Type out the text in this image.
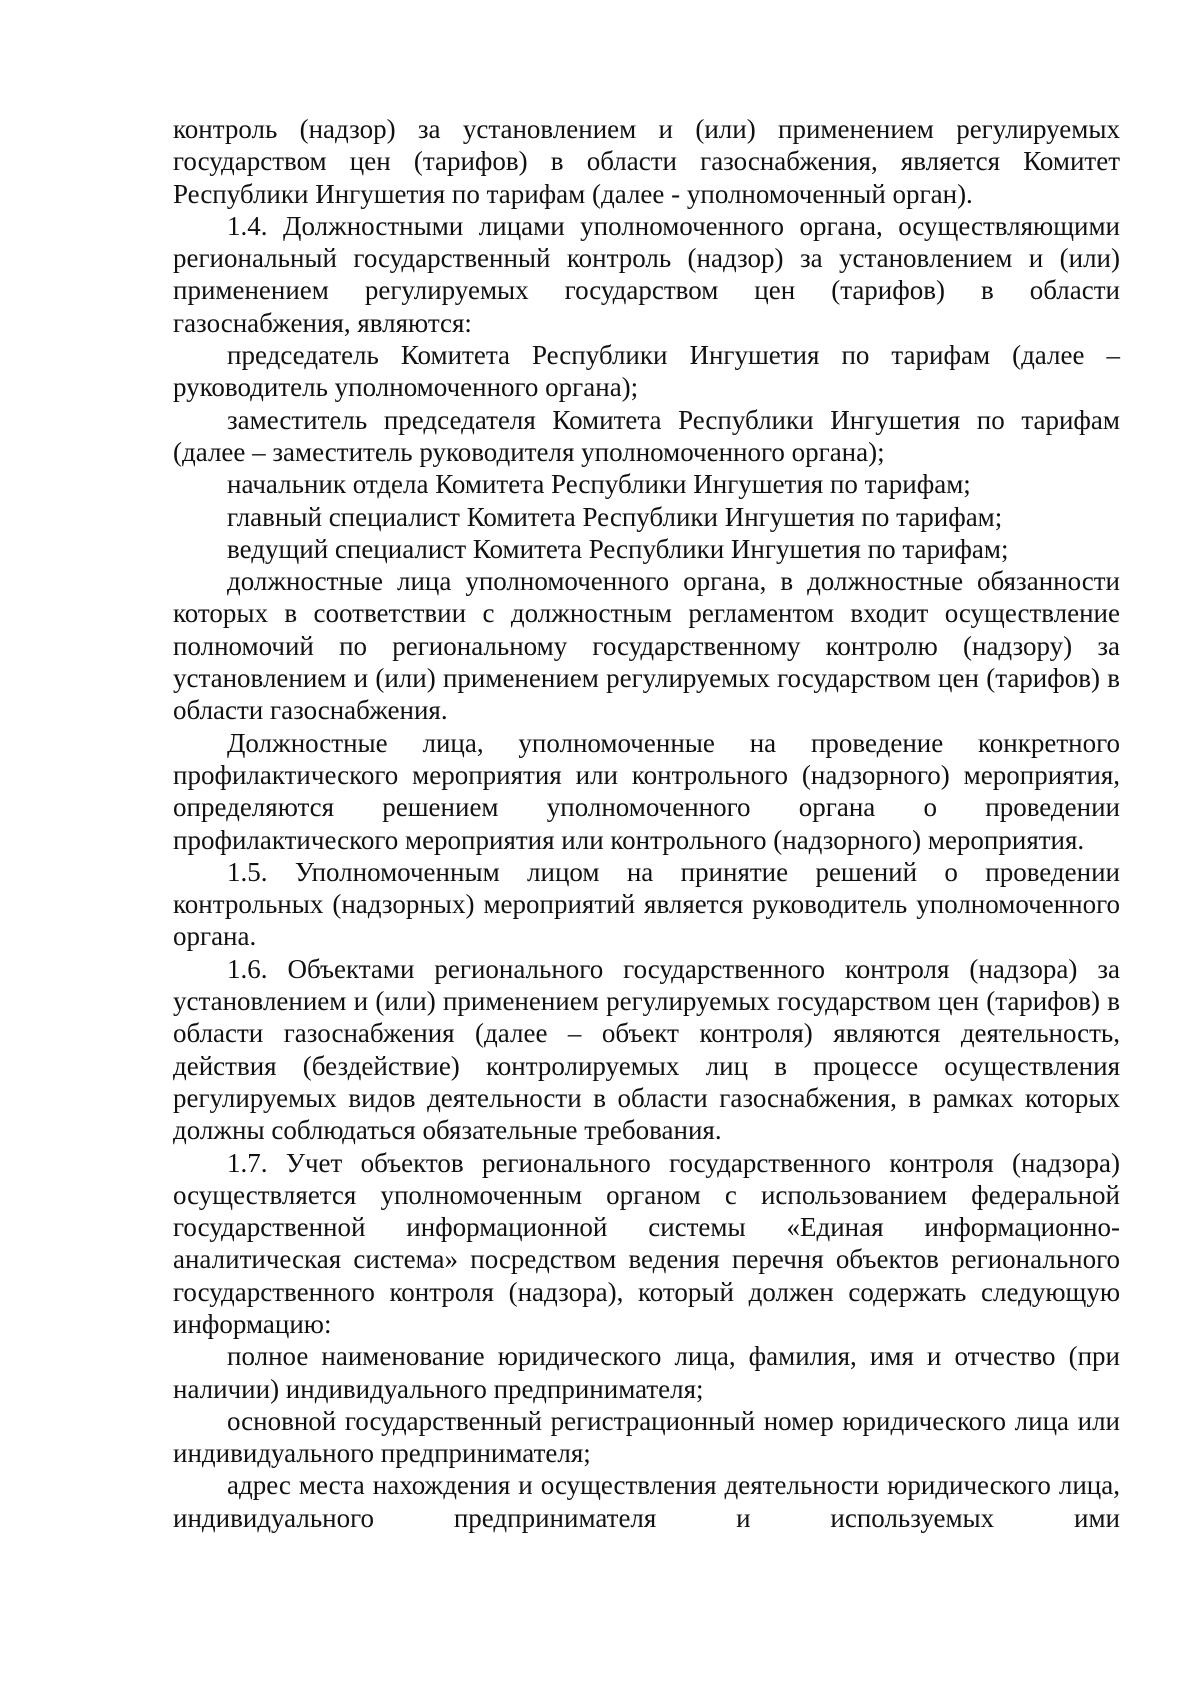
контроль (надзор) за установлением и (или) применением регулируемых государством цен (тарифов) в области газоснабжения, является Комитет Республики Ингушетия по тарифам (далее - уполномоченный орган).

1.4. Должностными лицами уполномоченного органа, осуществляющими региональный государственный контроль (надзор) за установлением и (или) применением регулируемых государством цен (тарифов) в области газоснабжения, являются:

председатель Комитета Республики Ингушетия по тарифам (далее – руководитель уполномоченного органа);

заместитель председателя Комитета Республики Ингушетия по тарифам (далее – заместитель руководителя уполномоченного органа);

начальник отдела Комитета Республики Ингушетия по тарифам;

главный специалист Комитета Республики Ингушетия по тарифам;

ведущий специалист Комитета Республики Ингушетия по тарифам;

должностные лица уполномоченного органа, в должностные обязанности которых в соответствии с должностным регламентом входит осуществление полномочий по региональному государственному контролю (надзору) за установлением и (или) применением регулируемых государством цен (тарифов) в области газоснабжения.

Должностные лица, уполномоченные на проведение конкретного профилактического мероприятия или контрольного (надзорного) мероприятия, определяются решением уполномоченного органа о проведении профилактического мероприятия или контрольного (надзорного) мероприятия.

1.5. Уполномоченным лицом на принятие решений о проведении контрольных (надзорных) мероприятий является руководитель уполномоченного органа.

1.6. Объектами регионального государственного контроля (надзора) за установлением и (или) применением регулируемых государством цен (тарифов) в области газоснабжения (далее – объект контроля) являются деятельность, действия (бездействие) контролируемых лиц в процессе осуществления регулируемых видов деятельности в области газоснабжения, в рамках которых должны соблюдаться обязательные требования.

1.7. Учет объектов регионального государственного контроля (надзора) осуществляется уполномоченным органом с использованием федеральной государственной информационной системы «Единая информационно-аналитическая система» посредством ведения перечня объектов регионального государственного контроля (надзора), который должен содержать следующую информацию:

полное наименование юридического лица, фамилия, имя и отчество (при наличии) индивидуального предпринимателя;

основной государственный регистрационный номер юридического лица или индивидуального предпринимателя;

адрес места нахождения и осуществления деятельности юридического лица, индивидуального предпринимателя и используемых ими
